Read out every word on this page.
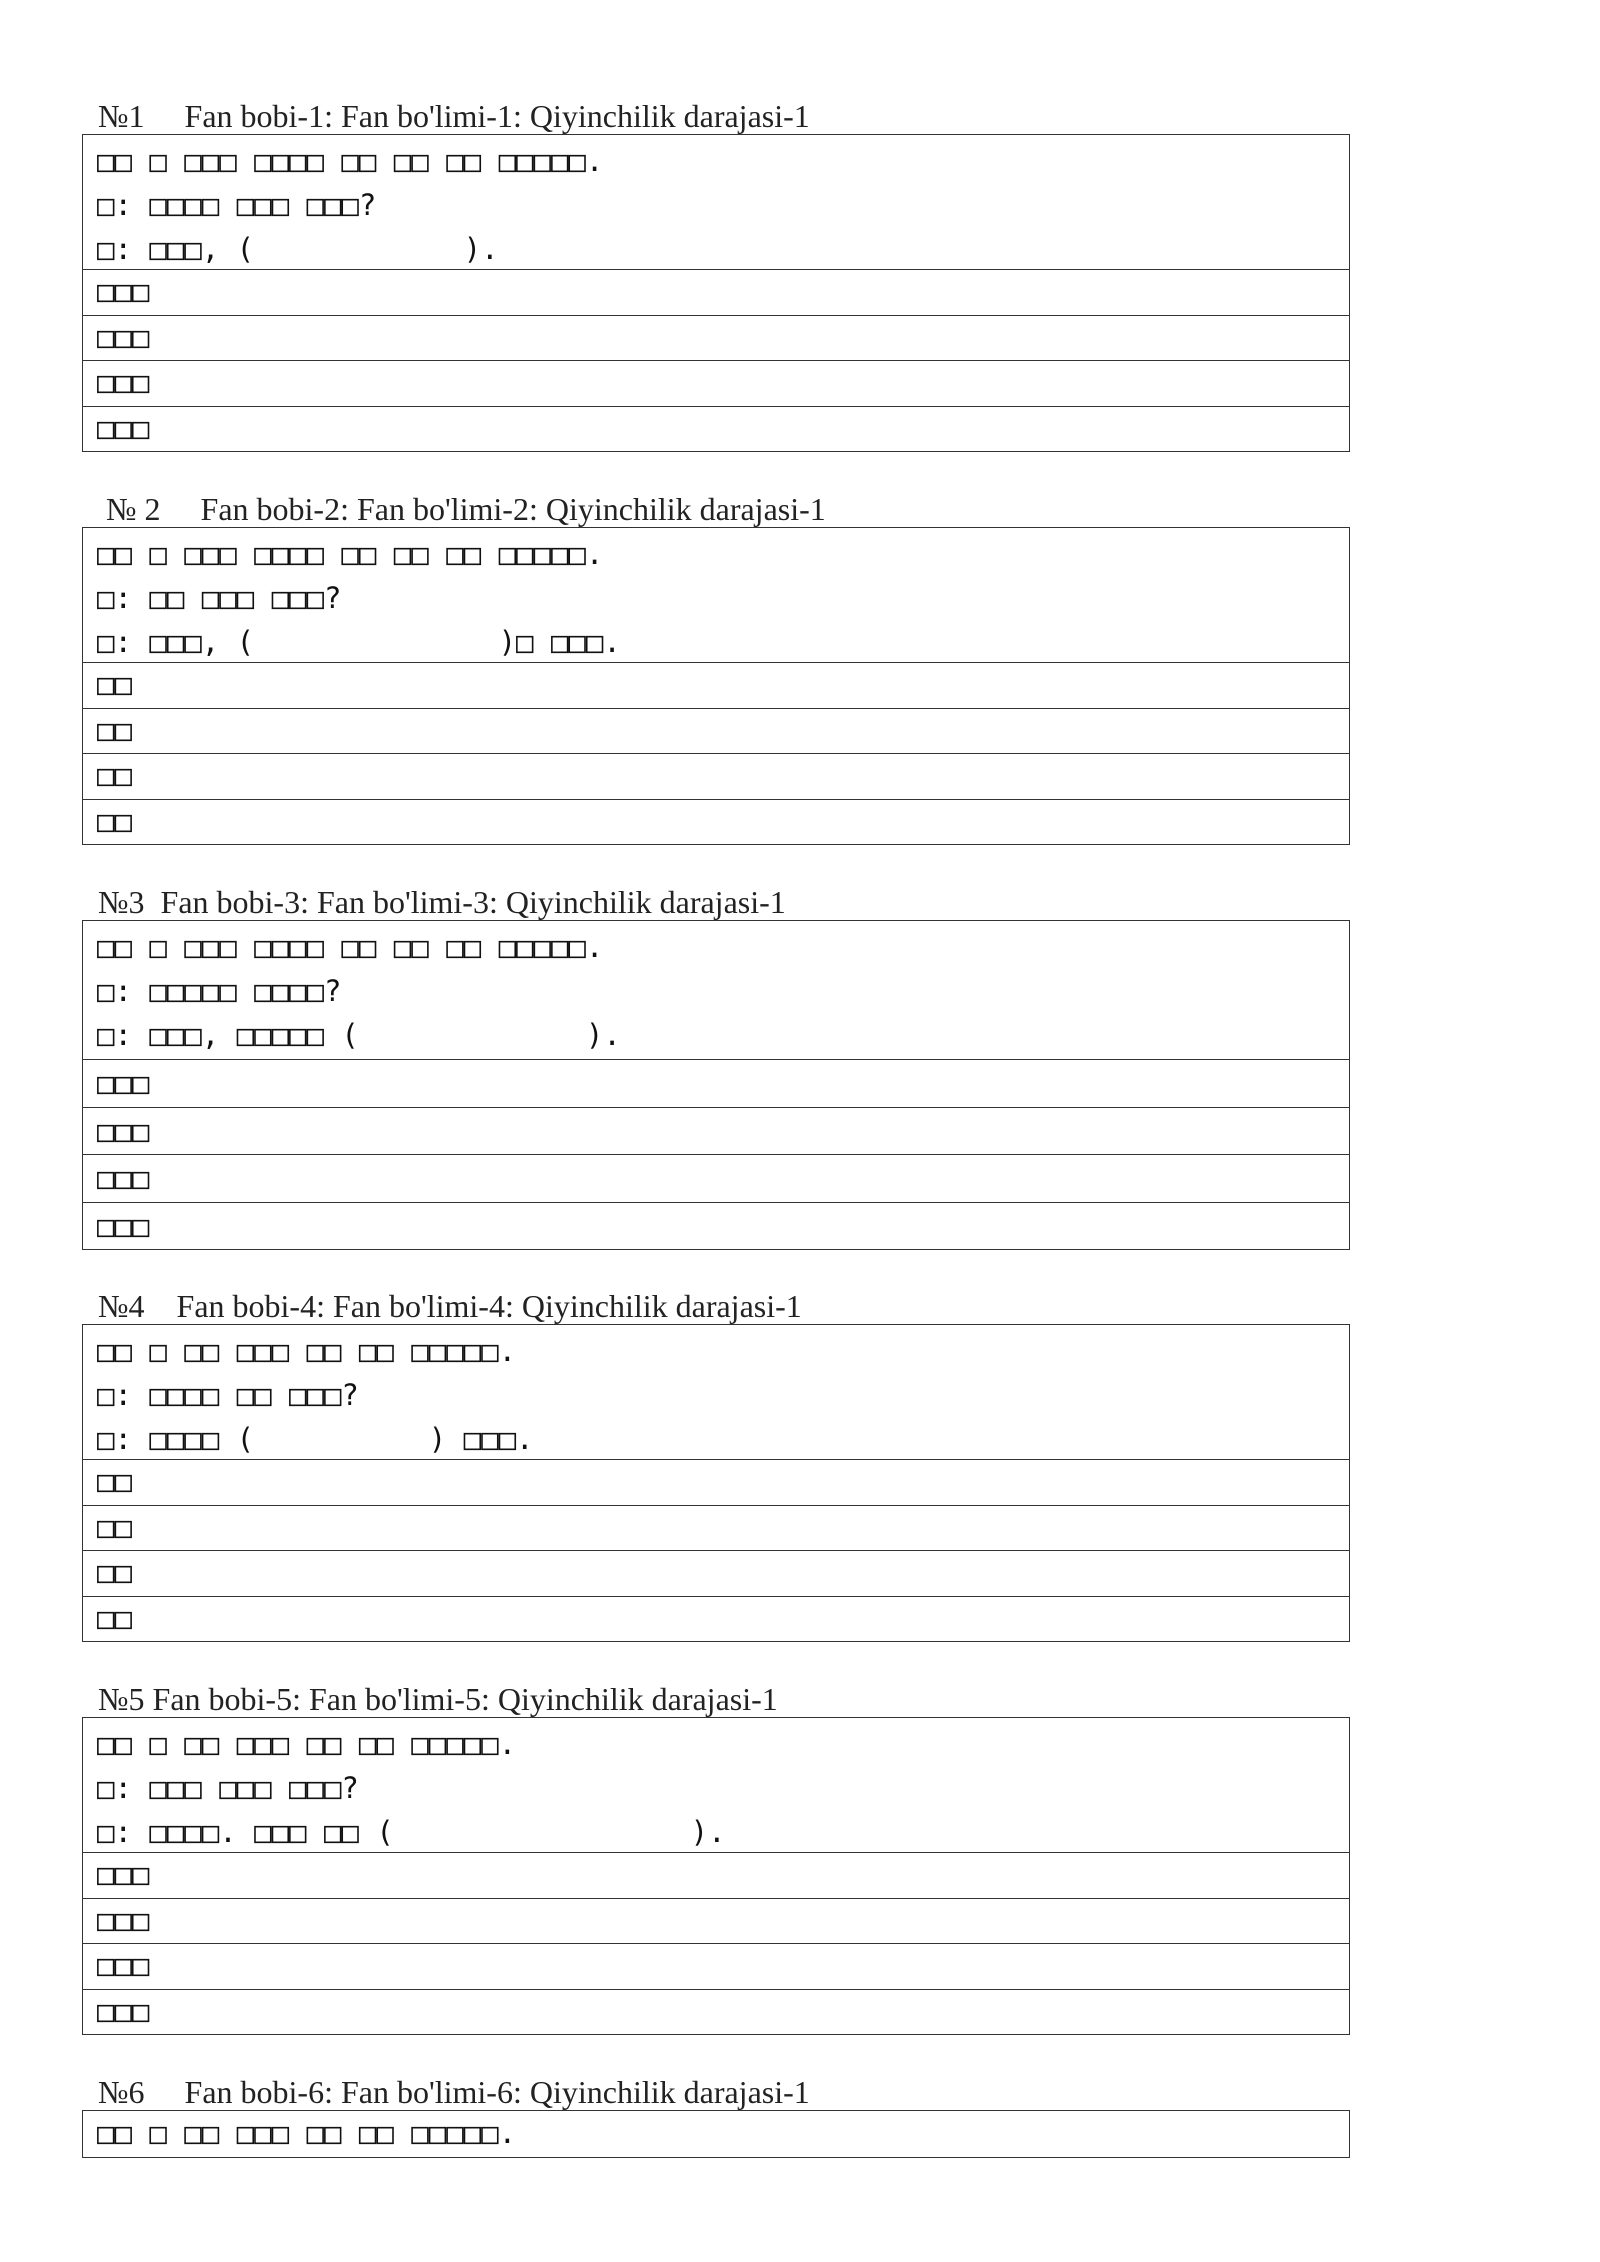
№1     Fan bobi-1: Fan bo'limi-1: Qiyinchilik darajasi-1
□□ □ □□□ □□□□ □□ □□ □□ □□□□□.
□: □□□□ □□□ □□□?
□: □□□, (            ).
□□□
□□□
□□□
□□□
№ 2     Fan bobi-2: Fan bo'limi-2: Qiyinchilik darajasi-1
□□ □ □□□ □□□□ □□ □□ □□ □□□□□.
□: □□ □□□ □□□?
□: □□□, (              )□ □□□.
□□
□□
□□
□□
№3  Fan bobi-3: Fan bo'limi-3: Qiyinchilik darajasi-1
□□ □ □□□ □□□□ □□ □□ □□ □□□□□.
□: □□□□□ □□□□?
□: □□□, □□□□□ (             ).
□□□
□□□
□□□
□□□
№4    Fan bobi-4: Fan bo'limi-4: Qiyinchilik darajasi-1
□□ □ □□ □□□ □□ □□ □□□□□.
□: □□□□ □□ □□□?
□: □□□□ (          ) □□□.
□□
□□
□□
□□
№5 Fan bobi-5: Fan bo'limi-5: Qiyinchilik darajasi-1
□□ □ □□ □□□ □□ □□ □□□□□.
□: □□□ □□□ □□□?
□: □□□□. □□□ □□ (                 ).
□□□
□□□
□□□
□□□
№6     Fan bobi-6: Fan bo'limi-6: Qiyinchilik darajasi-1
□□ □ □□ □□□ □□ □□ □□□□□.
